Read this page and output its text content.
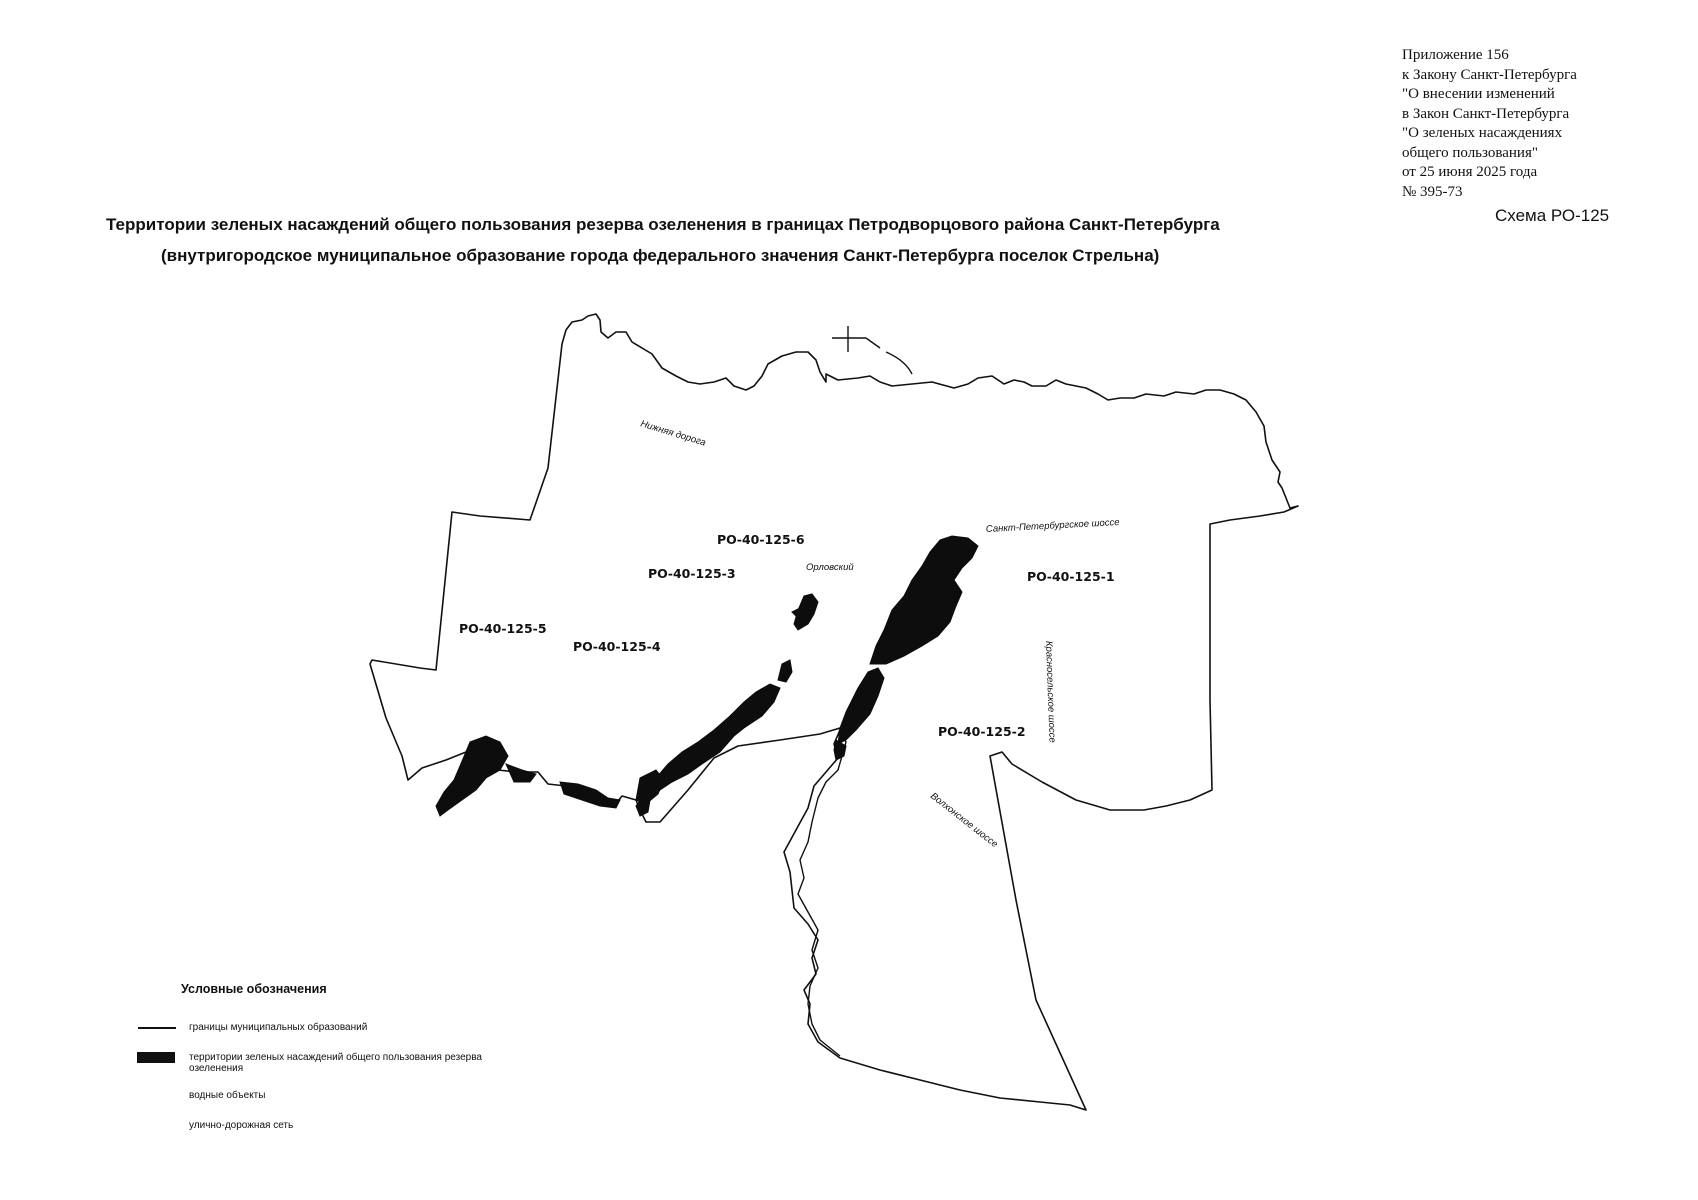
Приложение 156
к Закону Санкт-Петербурга
"О внесении изменений
в Закон Санкт-Петербурга
"О зеленых насаждениях
общего пользования"
от 25 июня 2025 года
№ 395-73
Схема РО-125
Территории зеленых насаждений общего пользования резерва озеленения в границах Петродворцового района Санкт-Петербурга
(внутригородское муниципальное образование города федерального значения Санкт-Петербурга поселок Стрельна)
РО-40-125-6
РО-40-125-3
РО-40-125-5
РО-40-125-4
РО-40-125-1
РО-40-125-2
Нижняя дорога
Санкт-Петербургское шоссе
Орловский
Красносельское шоссе
Волхонское шоссе
Условные обозначения
границы муниципальных образований
территории зеленых насаждений общего пользования резерва озеленения
водные объекты
улично-дорожная сеть
